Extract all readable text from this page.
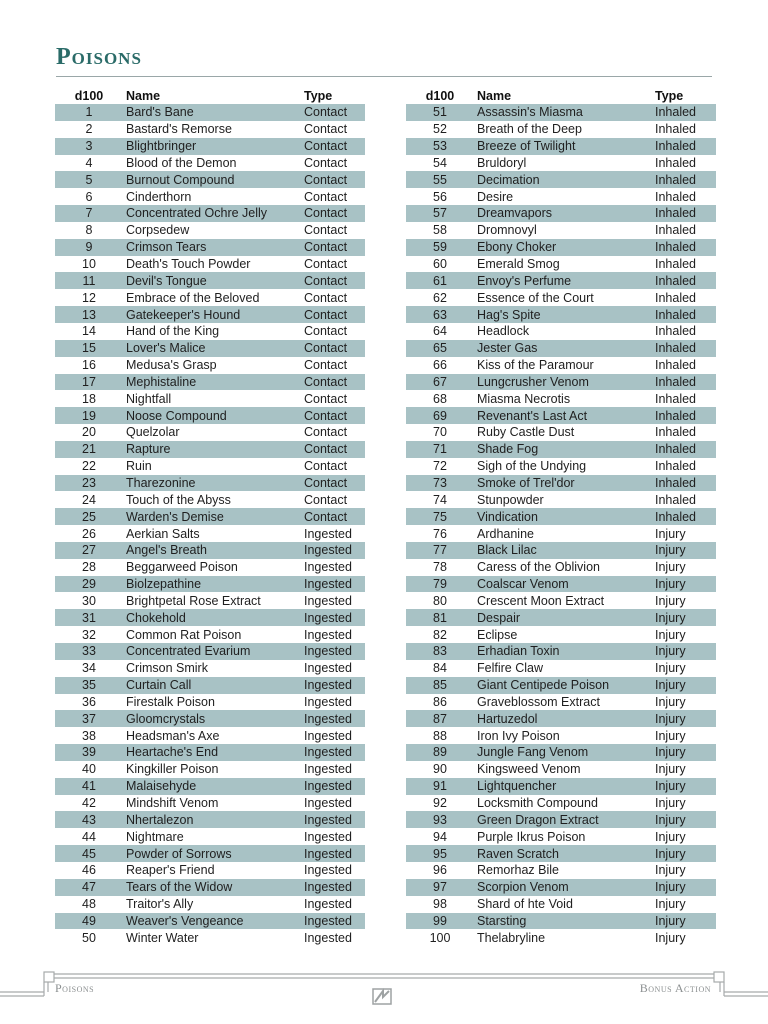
Poisons
d100	Name	Type
1	Bard's Bane	Contact
2	Bastard's Remorse	Contact
3	Blightbringer	Contact
4	Blood of the Demon	Contact
5	Burnout Compound	Contact
6	Cinderthorn	Contact
7	Concentrated Ochre Jelly	Contact
8	Corpsedew	Contact
9	Crimson Tears	Contact
10	Death's Touch Powder	Contact
11	Devil's Tongue	Contact
12	Embrace of the Beloved	Contact
13	Gatekeeper's Hound	Contact
14	Hand of the King	Contact
15	Lover's Malice	Contact
16	Medusa's Grasp	Contact
17	Mephistaline	Contact
18	Nightfall	Contact
19	Noose Compound	Contact
20	Quelzolar	Contact
21	Rapture	Contact
22	Ruin	Contact
23	Tharezonine	Contact
24	Touch of the Abyss	Contact
25	Warden's Demise	Contact
26	Aerkian Salts	Ingested
27	Angel's Breath	Ingested
28	Beggarweed Poison	Ingested
29	Biolzepathine	Ingested
30	Brightpetal Rose Extract	Ingested
31	Chokehold	Ingested
32	Common Rat Poison	Ingested
33	Concentrated Evarium	Ingested
34	Crimson Smirk	Ingested
35	Curtain Call	Ingested
36	Firestalk Poison	Ingested
37	Gloomcrystals	Ingested
38	Headsman's Axe	Ingested
39	Heartache's End	Ingested
40	Kingkiller Poison	Ingested
41	Malaisehyde	Ingested
42	Mindshift Venom	Ingested
43	Nhertalezon	Ingested
44	Nightmare	Ingested
45	Powder of Sorrows	Ingested
46	Reaper's Friend	Ingested
47	Tears of the Widow	Ingested
48	Traitor's Ally	Ingested
49	Weaver's Vengeance	Ingested
50	Winter Water	Ingested
d100	Name	Type
51	Assassin's Miasma	Inhaled
52	Breath of the Deep	Inhaled
53	Breeze of Twilight	Inhaled
54	Bruldoryl	Inhaled
55	Decimation	Inhaled
56	Desire	Inhaled
57	Dreamvapors	Inhaled
58	Dromnovyl	Inhaled
59	Ebony Choker	Inhaled
60	Emerald Smog	Inhaled
61	Envoy's Perfume	Inhaled
62	Essence of the Court	Inhaled
63	Hag's Spite	Inhaled
64	Headlock	Inhaled
65	Jester Gas	Inhaled
66	Kiss of the Paramour	Inhaled
67	Lungcrusher Venom	Inhaled
68	Miasma Necrotis	Inhaled
69	Revenant's Last Act	Inhaled
70	Ruby Castle Dust	Inhaled
71	Shade Fog	Inhaled
72	Sigh of the Undying	Inhaled
73	Smoke of Trel'dor	Inhaled
74	Stunpowder	Inhaled
75	Vindication	Inhaled
76	Ardhanine	Injury
77	Black Lilac	Injury
78	Caress of the Oblivion	Injury
79	Coalscar Venom	Injury
80	Crescent Moon Extract	Injury
81	Despair	Injury
82	Eclipse	Injury
83	Erhadian Toxin	Injury
84	Felfire Claw	Injury
85	Giant Centipede Poison	Injury
86	Graveblossom Extract	Injury
87	Hartuzedol	Injury
88	Iron Ivy Poison	Injury
89	Jungle Fang Venom	Injury
90	Kingsweed Venom	Injury
91	Lightquencher	Injury
92	Locksmith Compound	Injury
93	Green Dragon Extract	Injury
94	Purple Ikrus Poison	Injury
95	Raven Scratch	Injury
96	Remorhaz Bile	Injury
97	Scorpion Venom	Injury
98	Shard of hte Void	Injury
99	Starsting	Injury
100	Thelabryline	Injury
Poisons	Bonus Action
